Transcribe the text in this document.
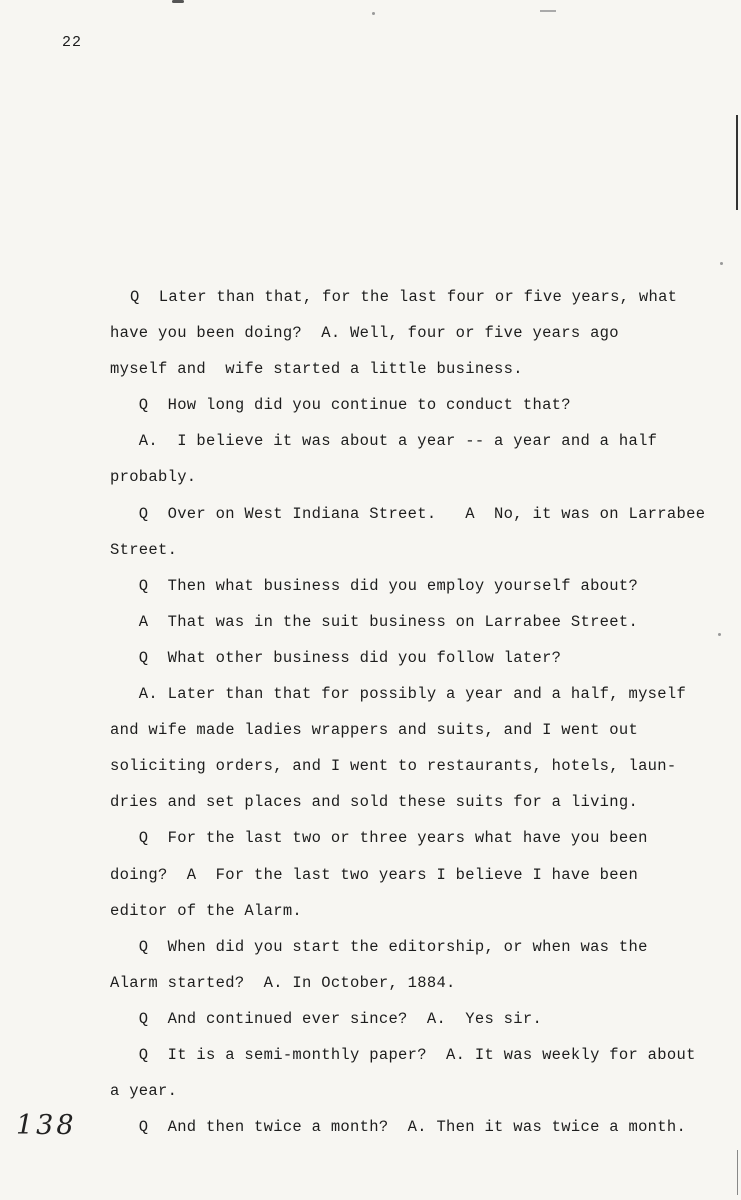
22
Q  Later than that, for the last four or five years, what
have you been doing?  A. Well, four or five years ago
myself and  wife started a little business.
Q  How long did you continue to conduct that?
A.  I believe it was about a year -- a year and a half
probably.
Q  Over on West Indiana Street.   A  No, it was on Larrabee
Street.
Q  Then what business did you employ yourself about?
A  That was in the suit business on Larrabee Street.
Q  What other business did you follow later?
A. Later than that for possibly a year and a half, myself
and wife made ladies wrappers and suits, and I went out
soliciting orders, and I went to restaurants, hotels, laun-
dries and set places and sold these suits for a living.
Q  For the last two or three years what have you been
doing?  A  For the last two years I believe I have been
editor of the Alarm.
Q  When did you start the editorship, or when was the
Alarm started?  A. In October, 1884.
Q  And continued ever since?  A.  Yes sir.
Q  It is a semi-monthly paper?  A. It was weekly for about
a year.
Q  And then twice a month?  A. Then it was twice a month.
138
